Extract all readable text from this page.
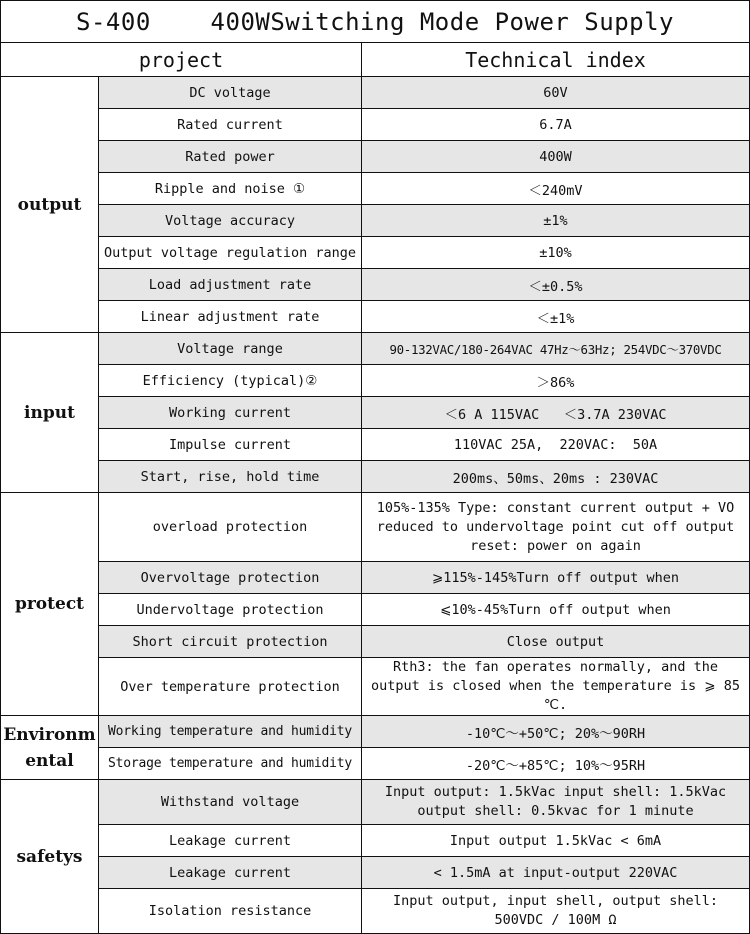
S-400    400WSwitching Mode Power Supply		
project		Technical index
output	DC voltage	60V
	Rated current	6.7A
	Rated power	400W
	Ripple and noise ①	＜240mV
	Voltage accuracy	±1%
	Output voltage regulation range	±10%
	Load adjustment rate	＜±0.5%
	Linear adjustment rate	＜±1%
input	Voltage range	90-132VAC/180-264VAC 47Hz～63Hz; 254VDC～370VDC
	Efficiency (typical)②	＞86%
	Working current	＜6 A 115VAC   ＜3.7A 230VAC
	Impulse current	110VAC 25A,  220VAC:  50A
	Start, rise, hold time	200ms、50ms、20ms : 230VAC
protect	overload protection	105%-135% Type: constant current output + VO reduced to undervoltage point cut off output reset: power on again
	Overvoltage protection	⩾115%-145%Turn off output when
	Undervoltage protection	⩽10%-45%Turn off output when
	Short circuit protection	Close output
	Over temperature protection	Rth3: the fan operates normally, and the output is closed when the temperature is ⩾ 85 ℃.
Environm ental	Working temperature and humidity	-10℃～+50℃; 20%～90RH
	Storage temperature and humidity	-20℃～+85℃; 10%～95RH
safetys	Withstand voltage	Input output: 1.5kVac input shell: 1.5kVac output shell: 0.5kvac for 1 minute
	Leakage current	Input output 1.5kVac < 6mA
	Leakage current	< 1.5mA at input-output 220VAC
	Isolation resistance	Input output, input shell, output shell: 500VDC / 100M Ω
